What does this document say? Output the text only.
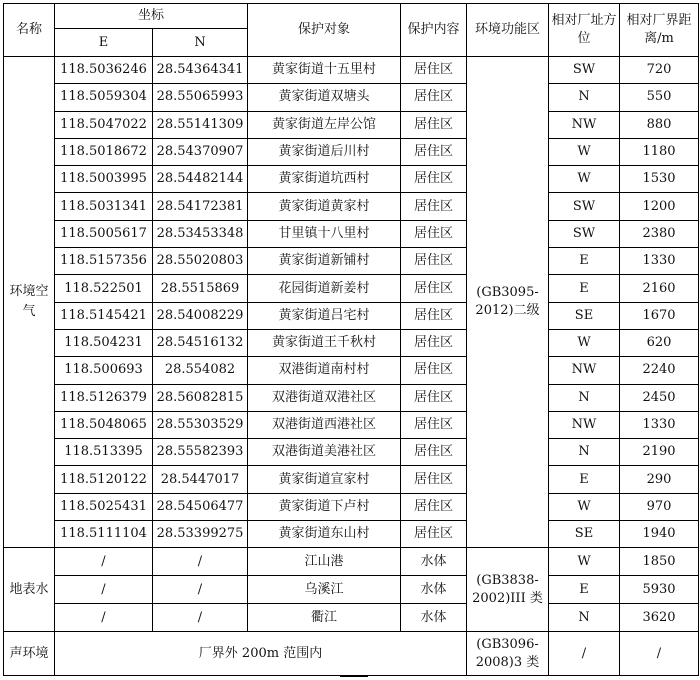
名称	坐标		保护对象	保护内容	环境功能区	相对厂址方位	相对厂界距离/m
	E	N					
环境空气	118.5036246	28.54364341	黄家街道十五里村	居住区	(GB3095-2012)二级	SW	720
	118.5059304	28.55065993	黄家街道双塘头	居住区		N	550
	118.5047022	28.55141309	黄家街道左岸公馆	居住区		NW	880
	118.5018672	28.54370907	黄家街道后川村	居住区		W	1180
	118.5003995	28.54482144	黄家街道坑西村	居住区		W	1530
	118.5031341	28.54172381	黄家街道黄家村	居住区		SW	1200
	118.5005617	28.53453348	甘里镇十八里村	居住区		SW	2380
	118.5157356	28.55020803	黄家街道新铺村	居住区		E	1330
	118.522501	28.5515869	花园街道新姜村	居住区		E	2160
	118.5145421	28.54008229	黄家街道吕宅村	居住区		SE	1670
	118.504231	28.54516132	黄家街道王千秋村	居住区		W	620
	118.500693	28.554082	双港街道南村村	居住区		NW	2240
	118.5126379	28.56082815	双港街道双港社区	居住区		N	2450
	118.5048065	28.55303529	双港街道西港社区	居住区		NW	1330
	118.513395	28.55582393	双港街道美港社区	居住区		N	2190
	118.5120122	28.5447017	黄家街道宣家村	居住区		E	290
	118.5025431	28.54506477	黄家街道下卢村	居住区		W	970
	118.5111104	28.53399275	黄家街道东山村	居住区		SE	1940
地表水	/	/	江山港	水体	(GB3838-2002)III 类	W	1850
	/	/	乌溪江	水体		E	5930
	/	/	衢江	水体		N	3620
声环境	厂界外 200m 范围内				(GB3096-2008)3 类	/	/
